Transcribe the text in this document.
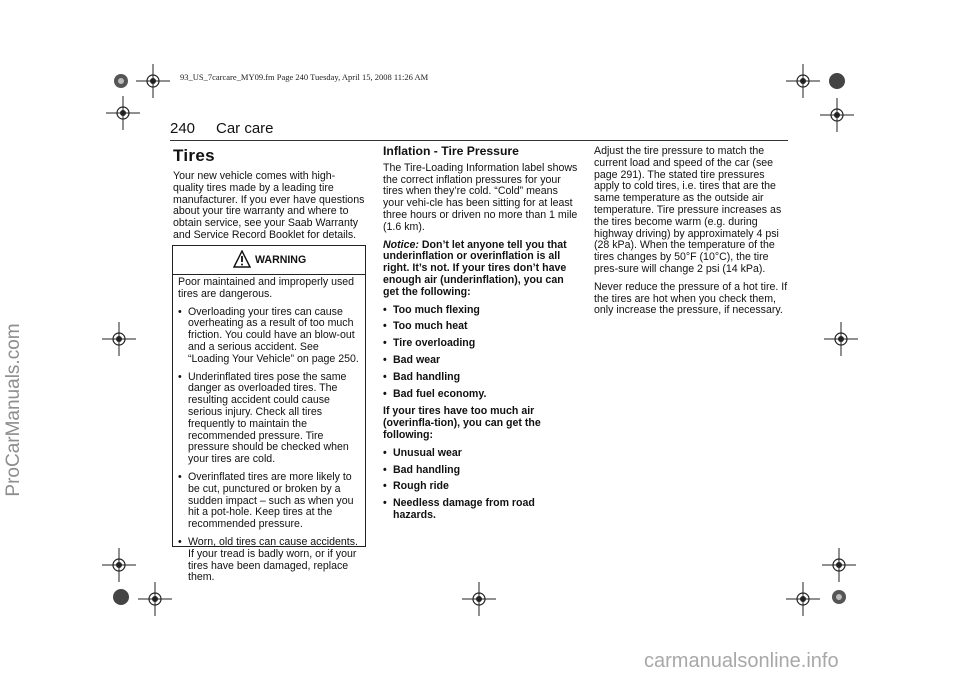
93_US_7carcare_MY09.fm Page 240 Tuesday, April 15, 2008 11:26 AM
240 Car care
Tires

Your new vehicle comes with high-quality tires made by a leading tire manufacturer. If you ever have questions about your tire warranty and where to obtain service, see your Saab Warranty and Service Record Booklet for details.

WARNING

Poor maintained and improperly used tires are dangerous.

• Overloading your tires can cause overheating as a result of too much friction. You could have an blow-out and a serious accident. See “Loading Your Vehicle” on page 250.
• Underinflated tires pose the same danger as overloaded tires. The resulting accident could cause serious injury. Check all tires frequently to maintain the recommended pressure. Tire pressure should be checked when your tires are cold.
• Overinflated tires are more likely to be cut, punctured or broken by a sudden impact – such as when you hit a pot-hole. Keep tires at the recommended pressure.
• Worn, old tires can cause accidents. If your tread is badly worn, or if your tires have been damaged, replace them.
Inflation - Tire Pressure

The Tire-Loading Information label shows the correct inflation pressures for your tires when they’re cold. “Cold” means your vehi-cle has been sitting for at least three hours or driven no more than 1 mile (1.6 km).

Notice: Don’t let anyone tell you that underinflation or overinflation is all right. It’s not. If your tires don’t have enough air (underinflation), you can get the following:

• Too much flexing
• Too much heat
• Tire overloading
• Bad wear
• Bad handling
• Bad fuel economy.

If your tires have too much air (overinfla-tion), you can get the following:

• Unusual wear
• Bad handling
• Rough ride
• Needless damage from road hazards.

Adjust the tire pressure to match the current load and speed of the car (see page 291). The stated tire pressures apply to cold tires, i.e. tires that are the same temperature as the outside air temperature. Tire pressure increases as the tires become warm (e.g. during highway driving) by approximately 4 psi (28 kPa). When the temperature of the tires changes by 50°F (10°C), the tire pres-sure will change 2 psi (14 kPa).

Never reduce the pressure of a hot tire. If the tires are hot when you check them, only increase the pressure, if necessary.

ProCarManuals.com
carmanualsonline.info
